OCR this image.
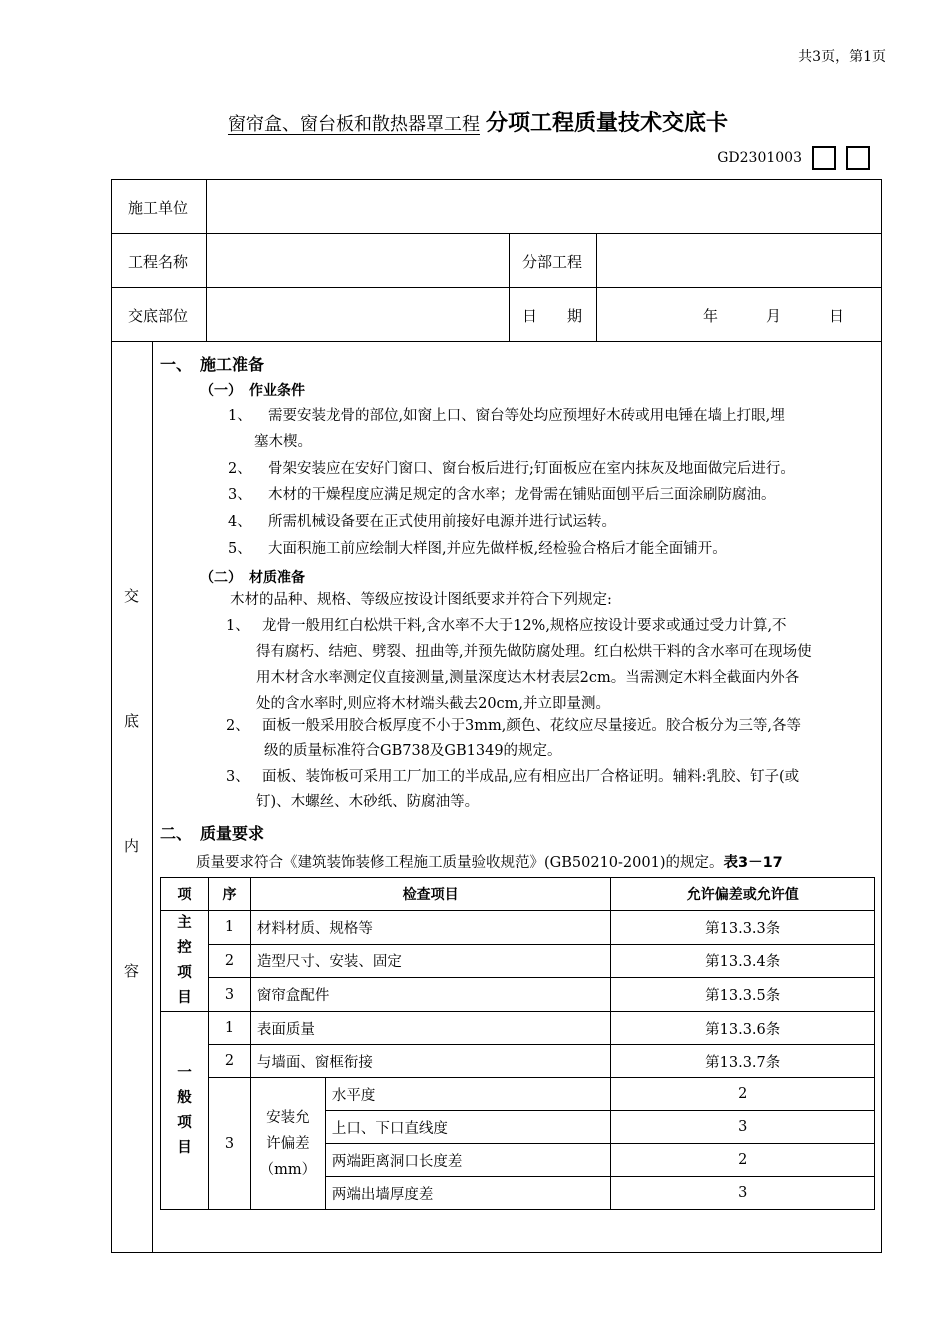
共3页，第1页
窗帘盒、窗台板和散热器罩工程 分项工程质量技术交底卡
GD2301003
施工单位
工程名称	分部工程
交底部位	日　　期	年	月	日
交
底
内
容
一、　施工准备
（一）　作业条件
1、 需要安装龙骨的部位,如窗上口、窗台等处均应预埋好木砖或用电锤在墙上打眼,埋
塞木楔。
2、 骨架安装应在安好门窗口、窗台板后进行;钉面板应在室内抹灰及地面做完后进行。
3、 木材的干燥程度应满足规定的含水率；龙骨需在铺贴面刨平后三面涂刷防腐油。
4、 所需机械设备要在正式使用前接好电源并进行试运转。
5、 大面积施工前应绘制大样图,并应先做样板,经检验合格后才能全面铺开。
（二）　材质准备
木材的品种、规格、等级应按设计图纸要求并符合下列规定:
1、 龙骨一般用红白松烘干料,含水率不大于12%,规格应按设计要求或通过受力计算,不
得有腐朽、结疤、劈裂、扭曲等,并预先做防腐处理。红白松烘干料的含水率可在现场使
用木材含水率测定仪直接测量,测量深度达木材表层2cm。当需测定木料全截面内外各
处的含水率时,则应将木材端头截去20cm,并立即量测。
2、 面板一般采用胶合板厚度不小于3mm,颜色、花纹应尽量接近。胶合板分为三等,各等
级的质量标准符合GB738及GB1349的规定。
3、 面板、装饰板可采用工厂加工的半成品,应有相应出厂合格证明。辅料:乳胶、钉子(或
钉)、木螺丝、木砂纸、防腐油等。
二、　质量要求
质量要求符合《建筑装饰装修工程施工质量验收规范》(GB50210-2001)的规定。表3－17
项	序	检查项目		允许偏差或允许值

主控项目	1	材料材质、规格等		第13.3.3条
	2	造型尺寸、安装、固定		第13.3.4条
	3	窗帘盒配件		第13.3.5条

一般项目	1	表面质量		第13.3.6条
	2	与墙面、窗框衔接		第13.3.7条
	3	安装允
许偏差
（mm）	水平度	2
			上口、下口直线度	3
			两端距离洞口长度差	2
			两端出墙厚度差	3
